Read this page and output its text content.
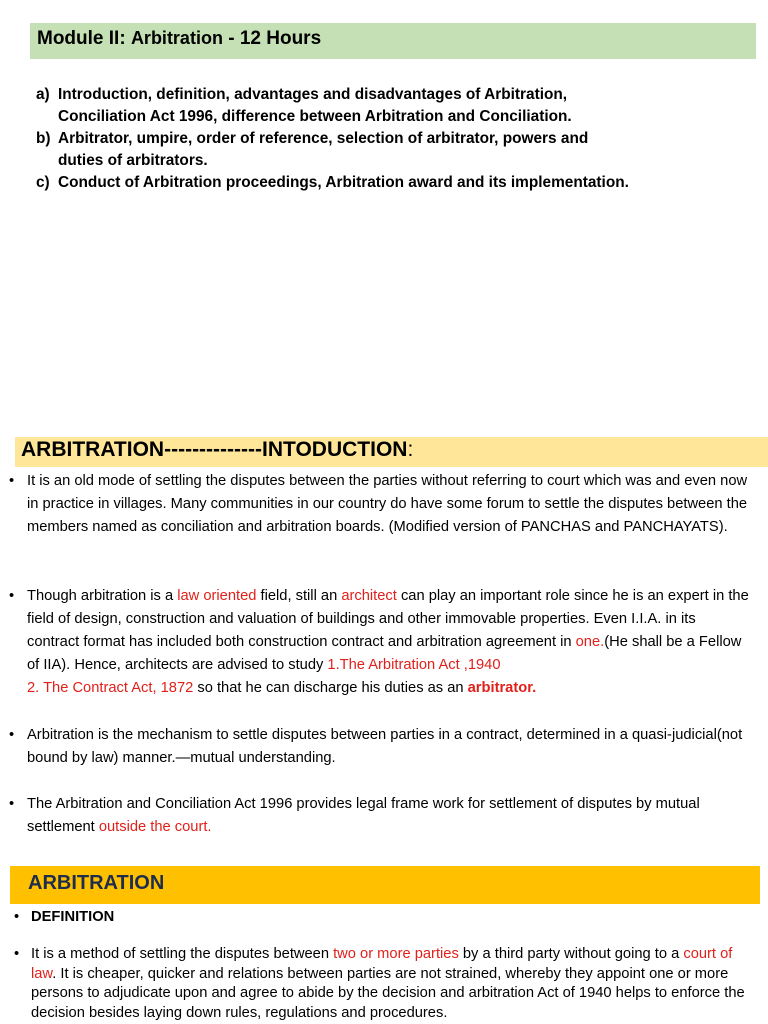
Module II: Arbitration - 12 Hours
a) Introduction, definition, advantages and disadvantages of Arbitration,
Conciliation Act 1996, difference between Arbitration and Conciliation.
b) Arbitrator, umpire, order of reference, selection of arbitrator, powers and
duties of arbitrators.
c) Conduct of Arbitration proceedings, Arbitration award and its implementation.
ARBITRATION--------------INTODUCTION:
• It is an old mode of settling the disputes between the parties without referring to court which was and even now in practice in villages. Many communities in our country do have some forum to settle the disputes between the members named as conciliation and arbitration boards. (Modified version of PANCHAS and PANCHAYATS).
• Though arbitration is a law oriented field, still an architect can play an important role since he is an expert in the field of design, construction and valuation of buildings and other immovable properties. Even I.I.A. in its contract format has included both construction contract and arbitration agreement in one.(He shall be a Fellow of IIA). Hence, architects are advised to study 1.The Arbitration Act ,1940
2. The Contract Act, 1872 so that he can discharge his duties as an arbitrator.
• Arbitration is the mechanism to settle disputes between parties in a contract, determined in a quasi-judicial(not bound by law) manner.—mutual understanding.
• The Arbitration and Conciliation Act 1996 provides legal frame work for settlement of disputes by mutual settlement outside the court.
ARBITRATION
• DEFINITION
• It is a method of settling the disputes between two or more parties by a third party without going to a court of law. It is cheaper, quicker and relations between parties are not strained, whereby they appoint one or more persons to adjudicate upon and agree to abide by the decision and arbitration Act of 1940 helps to enforce the decision besides laying down rules, regulations and procedures.
